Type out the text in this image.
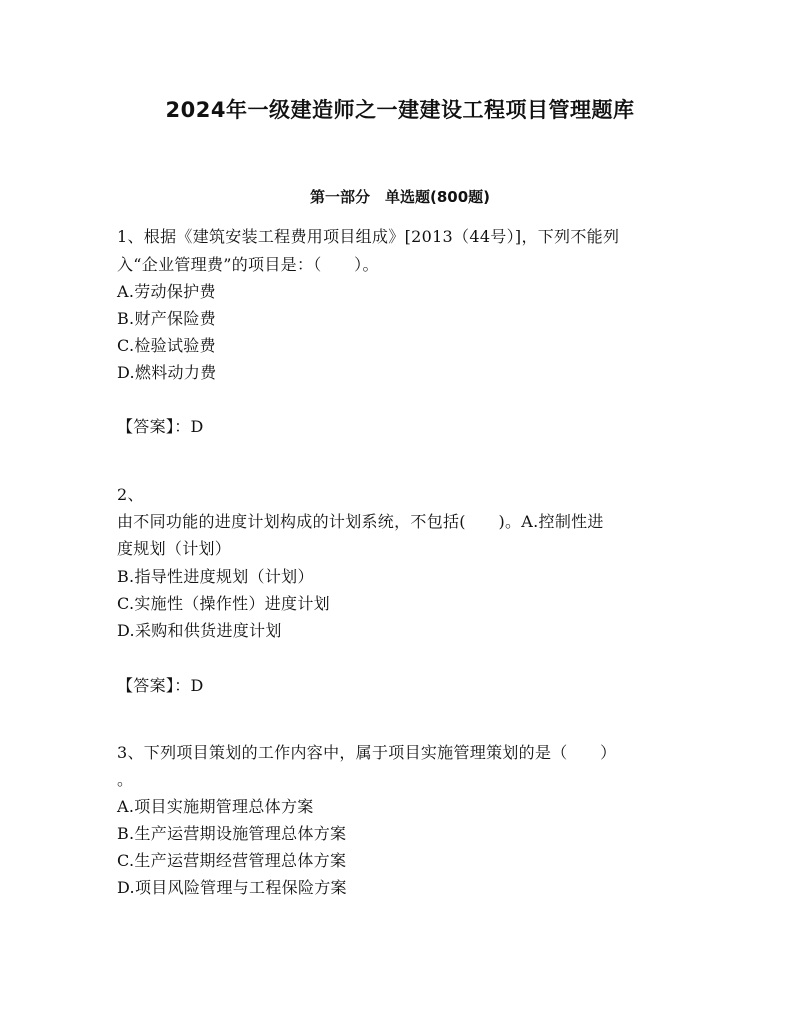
2024年一级建造师之一建建设工程项目管理题库
第一部分　单选题(800题)
1、根据《建筑安装工程费用项目组成》[2013（44号）]，下列不能列
入“企业管理费”的项目是：（　　）。
A.劳动保护费
B.财产保险费
C.检验试验费
D.燃料动力费
【答案】：D
2、
由不同功能的进度计划构成的计划系统，不包括(　　)。A.控制性进
度规划（计划）
B.指导性进度规划（计划）
C.实施性（操作性）进度计划
D.采购和供货进度计划
【答案】：D
3、下列项目策划的工作内容中，属于项目实施管理策划的是（　　）
。
A.项目实施期管理总体方案
B.生产运营期设施管理总体方案
C.生产运营期经营管理总体方案
D.项目风险管理与工程保险方案
